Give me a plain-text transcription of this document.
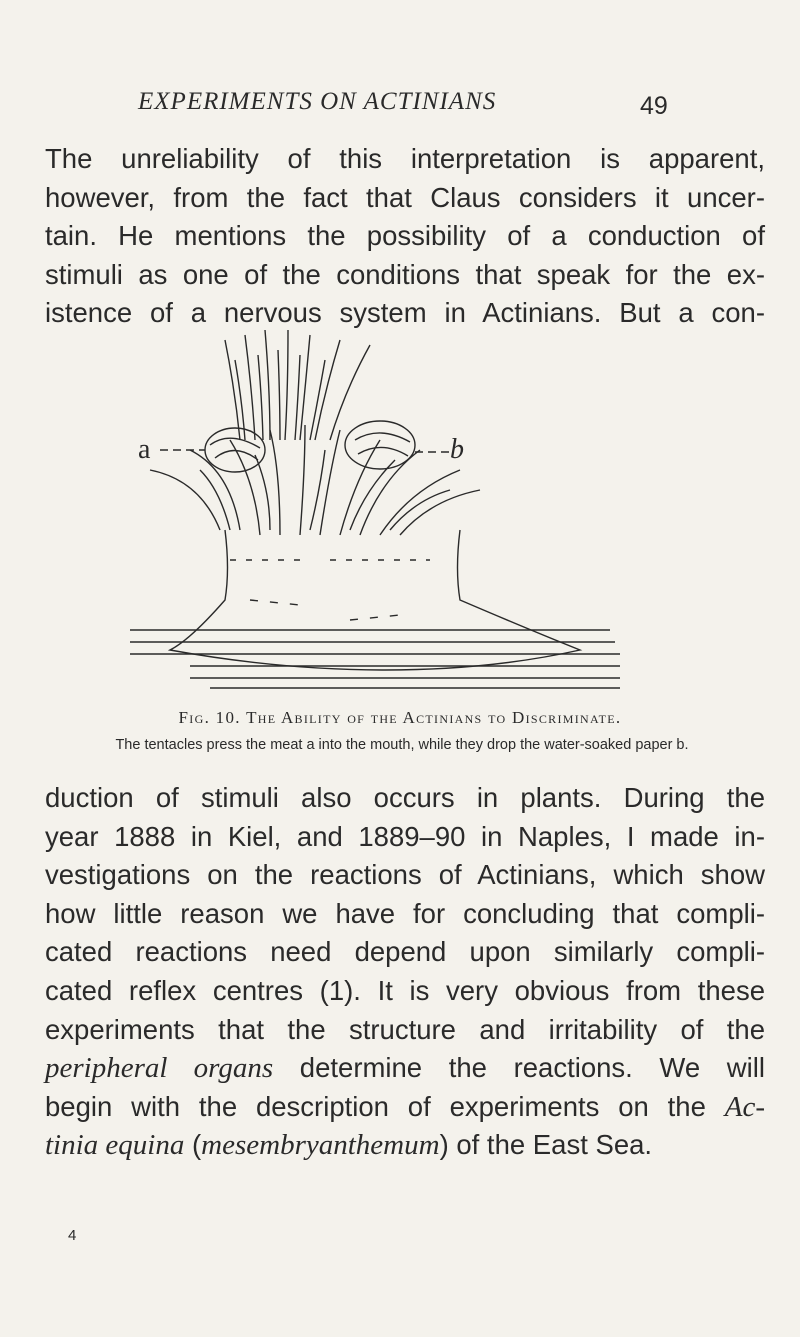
EXPERIMENTS ON ACTINIANS	49
The unreliability of this interpretation is apparent,
however, from the fact that Claus considers it uncer-
tain. He mentions the possibility of a conduction of
stimuli as one of the conditions that speak for the ex-
istence of a nervous system in Actinians. But a con-
a	b
Fig. 10. The Ability of the Actinians to Discriminate.
The tentacles press the meat a into the mouth, while they drop the water-soaked paper b.
duction of stimuli also occurs in plants. During the
year 1888 in Kiel, and 1889–90 in Naples, I made in-
vestigations on the reactions of Actinians, which show
how little reason we have for concluding that compli-
cated reactions need depend upon similarly compli-
cated reflex centres (1). It is very obvious from these
experiments that the structure and irritability of the
peripheral organs determine the reactions. We will
begin with the description of experiments on the Ac-
tinia equina (mesembryanthemum) of the East Sea.
4
